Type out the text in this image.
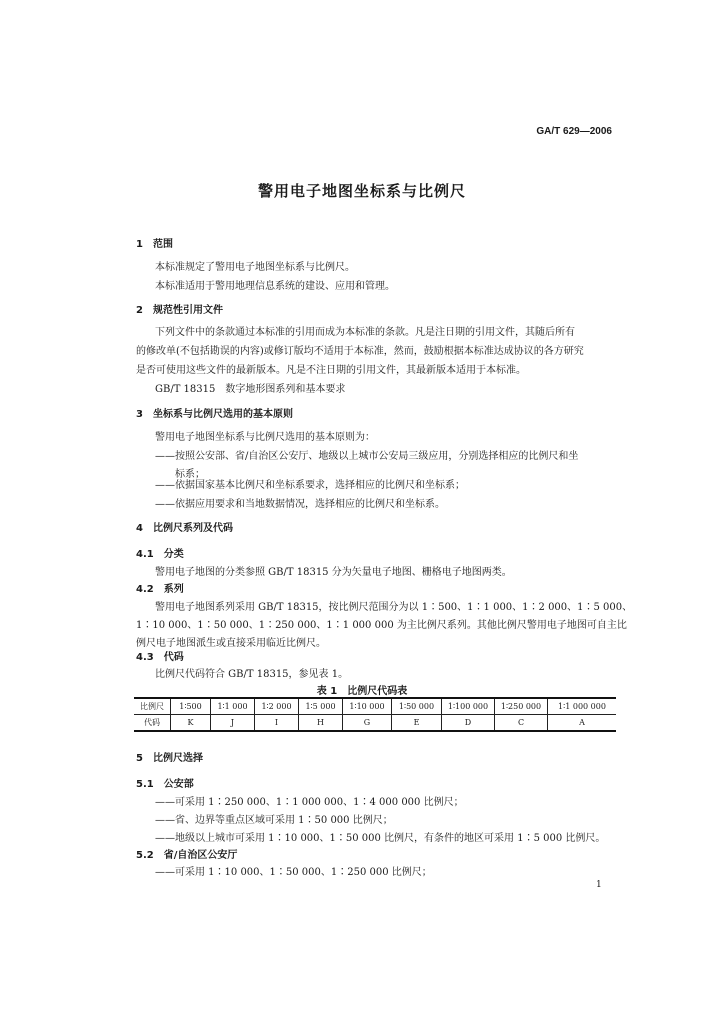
GA/T 629—2006
警用电子地图坐标系与比例尺
1　范围
本标准规定了警用电子地图坐标系与比例尺。
本标准适用于警用地理信息系统的建设、应用和管理。
2　规范性引用文件
下列文件中的条款通过本标准的引用而成为本标准的条款。凡是注日期的引用文件，其随后所有
的修改单(不包括勘误的内容)或修订版均不适用于本标准，然而，鼓励根据本标准达成协议的各方研究
是否可使用这些文件的最新版本。凡是不注日期的引用文件，其最新版本适用于本标准。
GB/T 18315　数字地形图系列和基本要求
3　坐标系与比例尺选用的基本原则
警用电子地图坐标系与比例尺选用的基本原则为：
——按照公安部、省/自治区公安厅、地级以上城市公安局三级应用，分别选择相应的比例尺和坐
标系；
——依据国家基本比例尺和坐标系要求，选择相应的比例尺和坐标系；
——依据应用要求和当地数据情况，选择相应的比例尺和坐标系。
4　比例尺系列及代码
4.1　分类
警用电子地图的分类参照 GB/T 18315 分为矢量电子地图、栅格电子地图两类。
4.2　系列
警用电子地图系列采用 GB/T 18315，按比例尺范围分为以 1∶500、1∶1 000、1∶2 000、1∶5 000、
1∶10 000、1∶50 000、1∶250 000、1∶1 000 000 为主比例尺系列。其他比例尺警用电子地图可自主比
例尺电子地图派生或直接采用临近比例尺。
4.3　代码
比例尺代码符合 GB/T 18315，参见表 1。
表 1　比例尺代码表
比例尺	1∶500	1∶1 000	1∶2 000	1∶5 000	1∶10 000	1∶50 000	1∶100 000	1∶250 000	1∶1 000 000
代码	K	J	I	H	G	E	D	C	A
5　比例尺选择
5.1　公安部
——可采用 1∶250 000、1∶1 000 000、1∶4 000 000 比例尺；
——省、边界等重点区域可采用 1∶50 000 比例尺；
——地级以上城市可采用 1∶10 000、1∶50 000 比例尺，有条件的地区可采用 1∶5 000 比例尺。
5.2　省/自治区公安厅
——可采用 1∶10 000、1∶50 000、1∶250 000 比例尺；
1
